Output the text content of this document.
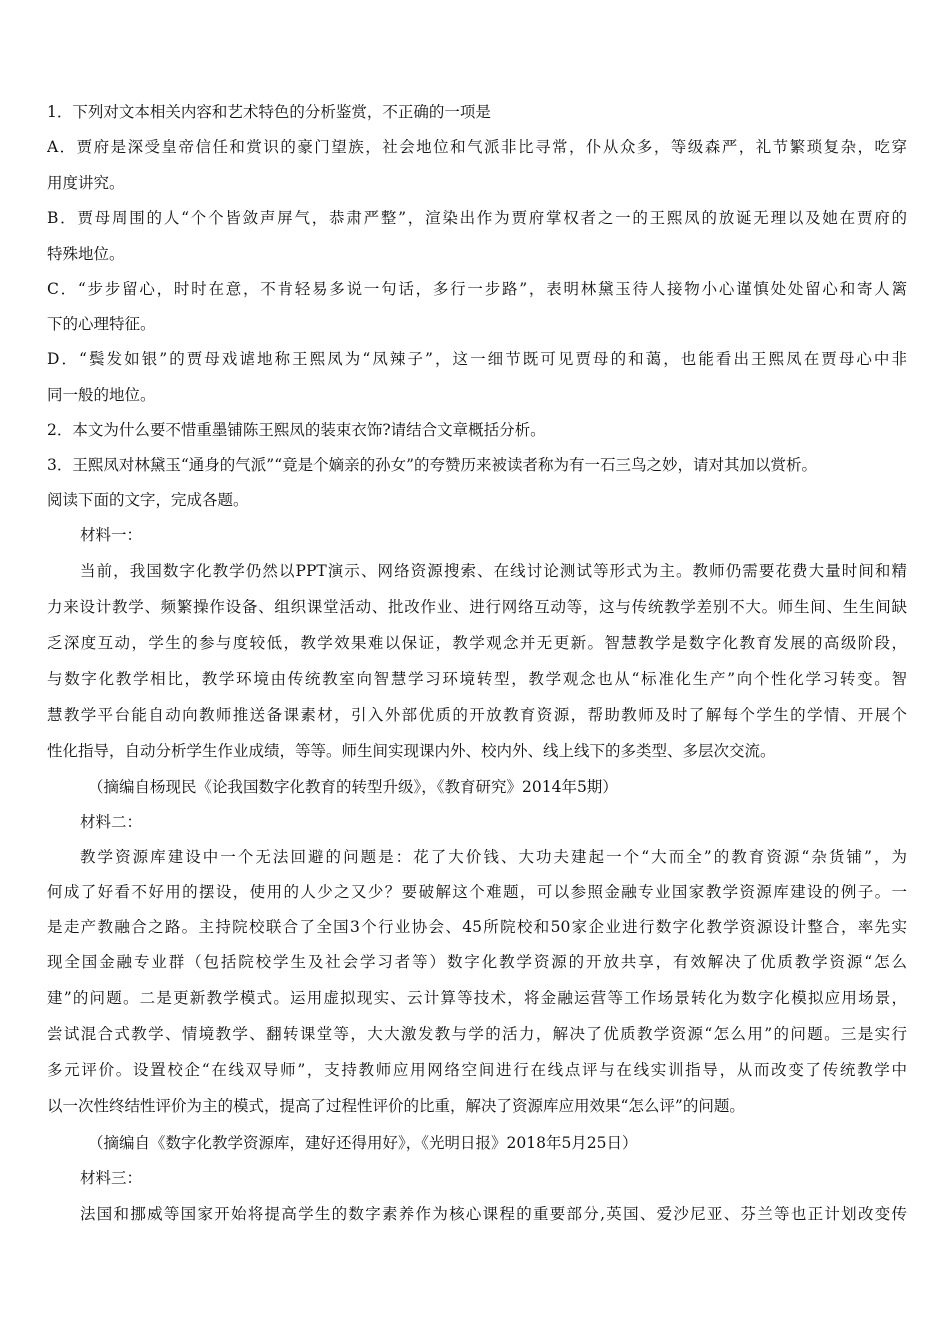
1．下列对文本相关内容和艺术特色的分析鉴赏，不正确的一项是
A．贾府是深受皇帝信任和赏识的豪门望族，社会地位和气派非比寻常，仆从众多，等级森严，礼节繁琐复杂，吃穿
用度讲究。
B．贾母周围的人“个个皆敛声屏气，恭肃严整”，渲染出作为贾府掌权者之一的王熙凤的放诞无理以及她在贾府的
特殊地位。
C．“步步留心，时时在意，不肯轻易多说一句话，多行一步路”，表明林黛玉待人接物小心谨慎处处留心和寄人篱
下的心理特征。
D．“鬓发如银”的贾母戏谑地称王熙凤为“凤辣子”，这一细节既可见贾母的和蔼，也能看出王熙凤在贾母心中非
同一般的地位。
2．本文为什么要不惜重墨铺陈王熙凤的装束衣饰?请结合文章概括分析。
3．王熙凤对林黛玉“通身的气派”“竟是个嫡亲的孙女”的夸赞历来被读者称为有一石三鸟之妙，请对其加以赏析。
阅读下面的文字，完成各题。
材料一：
当前，我国数字化教学仍然以PPT演示、网络资源搜索、在线讨论测试等形式为主。教师仍需要花费大量时间和精
力来设计教学、频繁操作设备、组织课堂活动、批改作业、进行网络互动等，这与传统教学差别不大。师生间、生生间缺
乏深度互动，学生的参与度较低，教学效果难以保证，教学观念并无更新。智慧教学是数字化教育发展的高级阶段，
与数字化教学相比，教学环境由传统教室向智慧学习环境转型，教学观念也从“标准化生产”向个性化学习转变。智
慧教学平台能自动向教师推送备课素材，引入外部优质的开放教育资源，帮助教师及时了解每个学生的学情、开展个
性化指导，自动分析学生作业成绩，等等。师生间实现课内外、校内外、线上线下的多类型、多层次交流。
（摘编自杨现民《论我国数字化教育的转型升级》，《教育研究》2014年5期）
材料二：
教学资源库建设中一个无法回避的问题是：花了大价钱、大功夫建起一个“大而全”的教育资源“杂货铺”，为
何成了好看不好用的摆设，使用的人少之又少？要破解这个难题，可以参照金融专业国家教学资源库建设的例子。一
是走产教融合之路。主持院校联合了全国3个行业协会、45所院校和50家企业进行数字化教学资源设计整合，率先实
现全国金融专业群（包括院校学生及社会学习者等）数字化教学资源的开放共享，有效解决了优质教学资源“怎么
建”的问题。二是更新教学模式。运用虚拟现实、云计算等技术，将金融运营等工作场景转化为数字化模拟应用场景，
尝试混合式教学、情境教学、翻转课堂等，大大激发教与学的活力，解决了优质教学资源“怎么用”的问题。三是实行
多元评价。设置校企“在线双导师”，支持教师应用网络空间进行在线点评与在线实训指导，从而改变了传统教学中
以一次性终结性评价为主的模式，提高了过程性评价的比重，解决了资源库应用效果“怎么评”的问题。
（摘编自《数字化教学资源库，建好还得用好》，《光明日报》2018年5月25日）
材料三：
法国和挪威等国家开始将提高学生的数字素养作为核心课程的重要部分,英国、爱沙尼亚、芬兰等也正计划改变传
